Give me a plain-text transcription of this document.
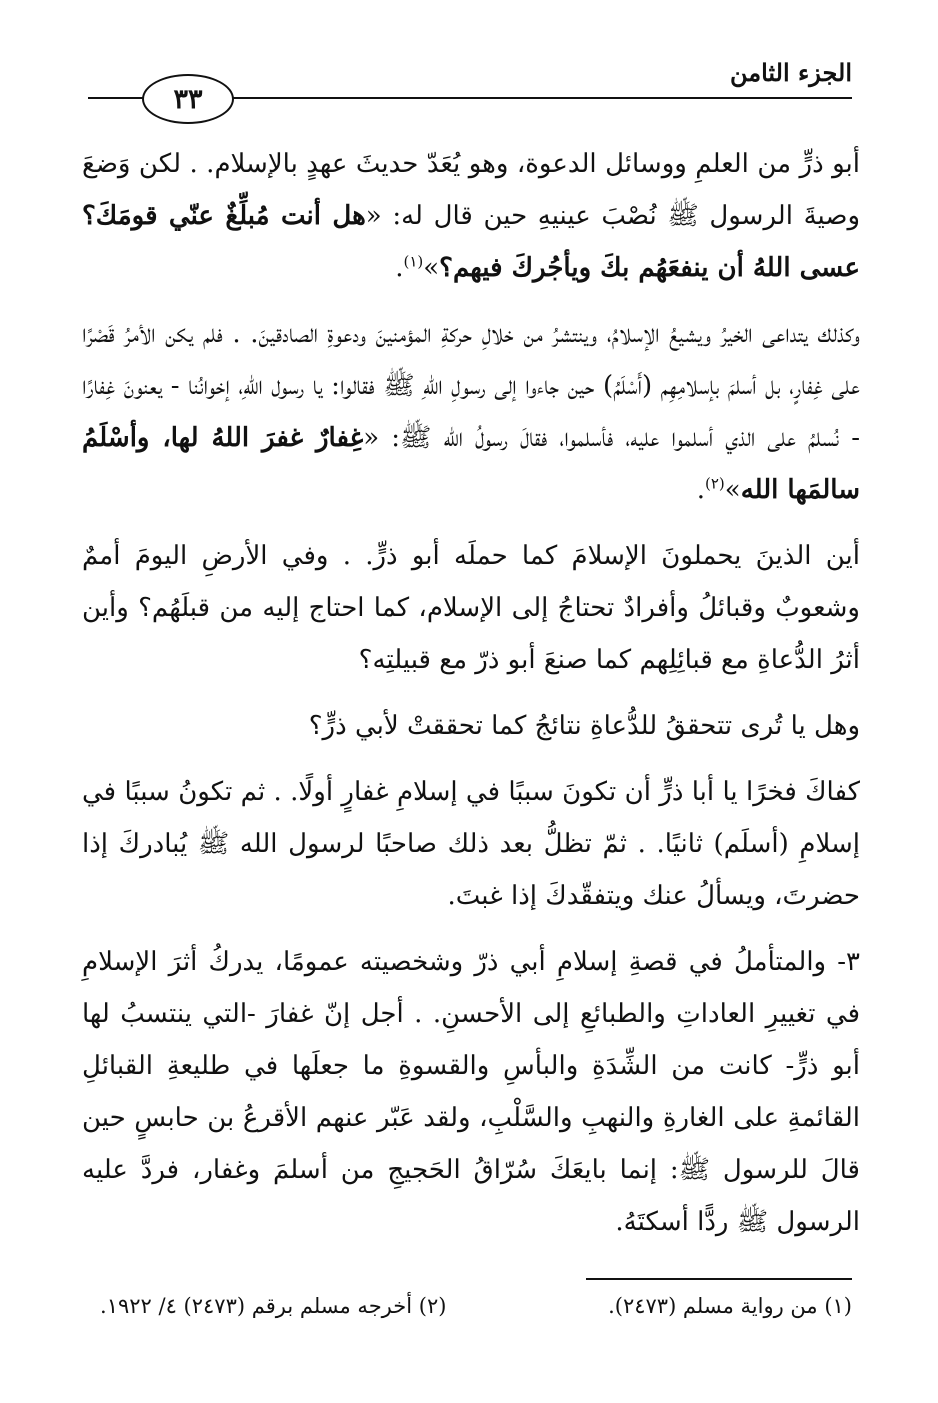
الجزء الثامن
٣٣

أبو ذرٍّ من العلمِ ووسائل الدعوة، وهو يُعَدّ حديثَ عهدٍ بالإسلام. . لكن وَضعَ وصيةَ الرسول ﷺ نُصْبَ عينيهِ حين قال له: «هل أنت مُبلِّغٌ عنّي قومَكَ؟ عسى اللهُ أن ينفعَهُم بكَ ويأجُركَ فيهم؟»$^{(١)}$.

وكذلك يتداعى الخيرُ ويشيعُ الإسلامُ، وينتشرُ من خلالِ حركةِ المؤمنينَ ودعوةِ الصادقينَ. . فلم يكن الأمرُ قَصْرًا على غِفارٍ، بل أسلمَ بإسلامِهِم (أَسْلَمُ) حين جاءوا إلى رسولِ اللهِ ﷺ فقالوا: يا رسول اللهِ، إخوانُنا - يعنونَ غِفارًا - نُسلمُ على الذي أسلموا عليه، فأسلموا، فقالَ رسولُ الله ﷺ: «غِفارٌ غفرَ اللهُ لها، وأسْلَمُ سالمَها الله»$^{(٢)}$.

أين الذينَ يحملونَ الإسلامَ كما حملَه أبو ذرٍّ. . وفي الأرضِ اليومَ أممٌ وشعوبٌ وقبائلُ وأفرادٌ تحتاجُ إلى الإسلام، كما احتاج إليه من قبلَهُم؟ وأين أثرُ الدُّعاةِ مع قبائِلِهم كما صنعَ أبو ذرّ مع قبيلتِه؟

وهل يا تُرى تتحققُ للدُّعاةِ نتائجُ كما تحققتْ لأبي ذرٍّ؟

كفاكَ فخرًا يا أبا ذرٍّ أن تكونَ سببًا في إسلامِ غفارٍ أولًا. . ثم تكونُ سببًا في إسلامِ (أسلَم) ثانيًا. . ثمّ تظلُّ بعد ذلك صاحبًا لرسول الله ﷺ يُبادركَ إذا حضرتَ، ويسألُ عنك ويتفقّدكَ إذا غبتَ.

٣- والمتأملُ في قصةِ إسلامِ أبي ذرّ وشخصيته عمومًا، يدركُ أثرَ الإسلامِ في تغييرِ العاداتِ والطبائعِ إلى الأحسنِ. . أجل إنّ غفارَ -التي ينتسبُ لها أبو ذرٍّ- كانت من الشِّدَةِ والبأسِ والقسوةِ ما جعلَها في طليعةِ القبائلِ القائمةِ على الغارةِ والنهبِ والسَّلْبِ، ولقد عَبّر عنهم الأقرعُ بن حابسٍ حين قالَ للرسول ﷺ: إنما بايعَكَ سُرّاقُ الحَجيجِ من أسلمَ وغفار، فردَّ عليه الرسول ﷺ ردًّا أسكتَهُ.

(١) من رواية مسلم (٢٤٧٣).
(٢) أخرجه مسلم برقم (٢٤٧٣) ٤/ ١٩٢٢.
